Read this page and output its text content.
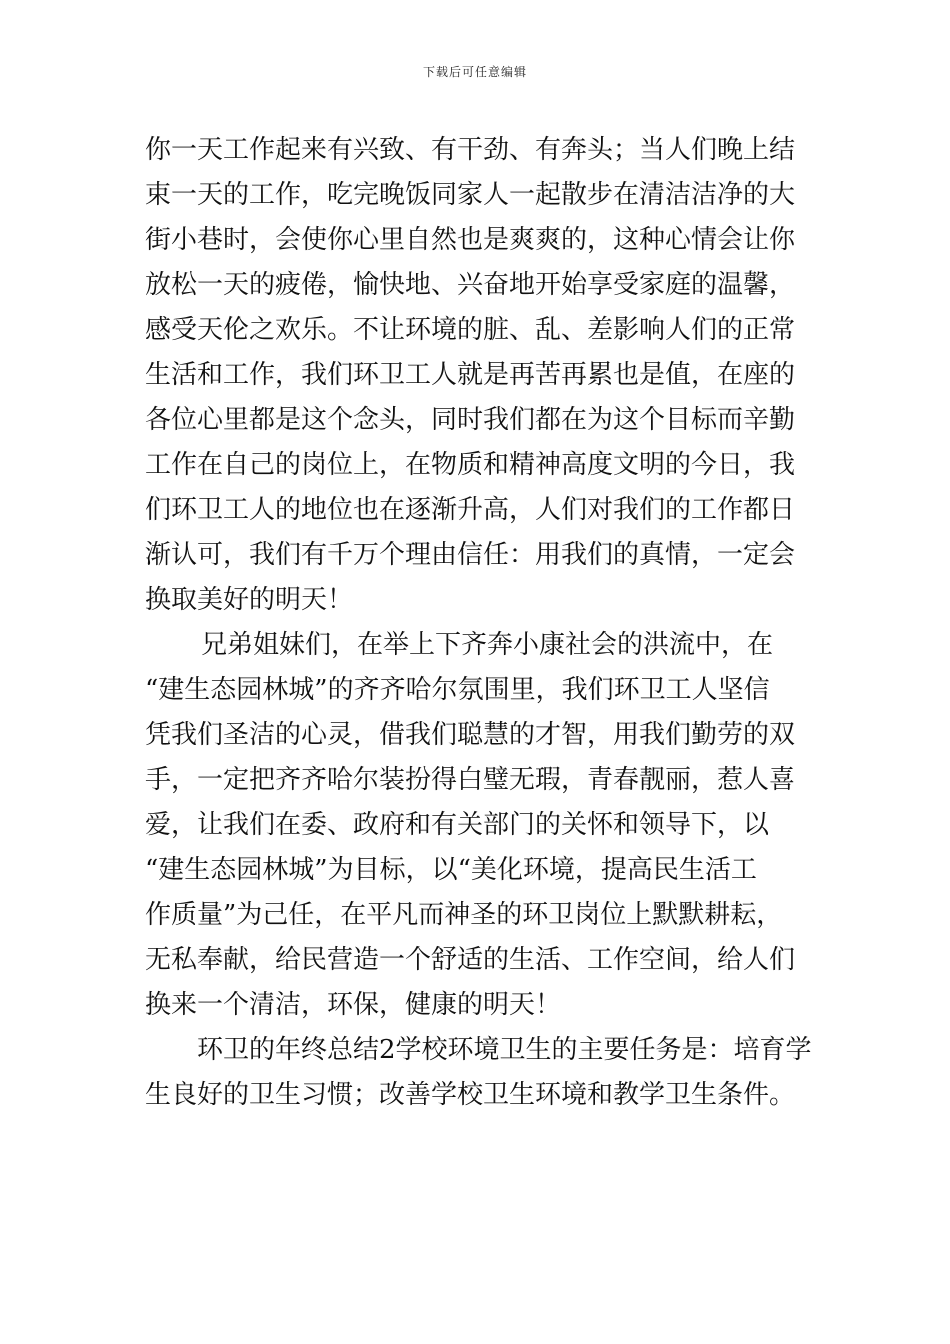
下载后可任意编辑
你一天工作起来有兴致、有干劲、有奔头；当人们晚上结
束一天的工作，吃完晚饭同家人一起散步在清洁洁净的大
街小巷时，会使你心里自然也是爽爽的，这种心情会让你
放松一天的疲倦，愉快地、兴奋地开始享受家庭的温馨，
感受天伦之欢乐。不让环境的脏、乱、差影响人们的正常
生活和工作，我们环卫工人就是再苦再累也是值，在座的
各位心里都是这个念头，同时我们都在为这个目标而辛勤
工作在自己的岗位上，在物质和精神高度文明的今日，我
们环卫工人的地位也在逐渐升高，人们对我们的工作都日
渐认可，我们有千万个理由信任：用我们的真情，一定会
换取美好的明天！
兄弟姐妹们，在举上下齐奔小康社会的洪流中，在
“建生态园林城”的齐齐哈尔氛围里，我们环卫工人坚信
凭我们圣洁的心灵，借我们聪慧的才智，用我们勤劳的双
手，一定把齐齐哈尔装扮得白璧无瑕，青春靓丽，惹人喜
爱，让我们在委、政府和有关部门的关怀和领导下，以
“建生态园林城”为目标，以“美化环境，提高民生活工
作质量”为己任，在平凡而神圣的环卫岗位上默默耕耘，
无私奉献，给民营造一个舒适的生活、工作空间，给人们
换来一个清洁，环保，健康的明天！
环卫的年终总结2学校环境卫生的主要任务是：培育学
生良好的卫生习惯；改善学校卫生环境和教学卫生条件。
